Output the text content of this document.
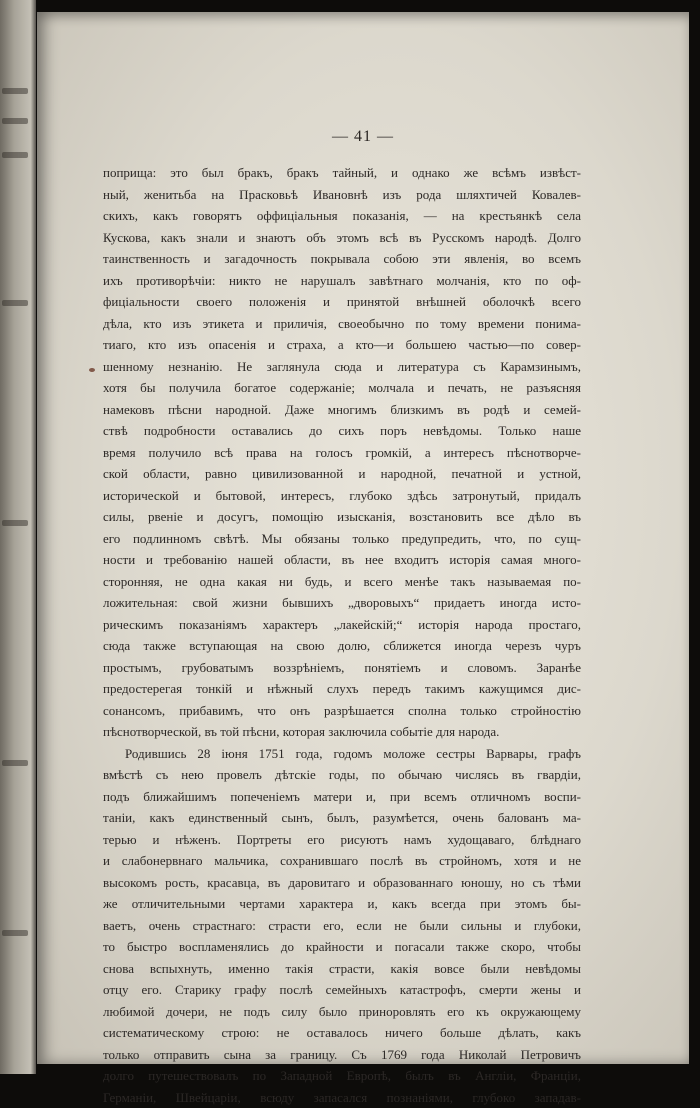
— 41 —
поприща: это был бракъ, бракъ тайный, и однако же всѣмъ извѣст-
ный, женитьба на Прасковьѣ Ивановнѣ изъ рода шляхтичей Ковалев-
скихъ, какъ говорятъ оффиціальныя показанія, — на крестьянкѣ села
Кускова, какъ знали и знаютъ объ этомъ всѣ въ Русскомъ народѣ. Долго
таинственность и загадочность покрывала собою эти явленія, во всемъ
ихъ противорѣчіи: никто не нарушалъ завѣтнаго молчанія, кто по оф-
фиціальности своего положенія и принятой внѣшней оболочкѣ всего
дѣла, кто изъ этикета и приличія, своеобычно по тому времени понима-
тиаго, кто изъ опасенія и страха, а кто—и большею частью—по совер-
шенному незнанію. Не заглянула сюда и литература съ Карамзинымъ,
хотя бы получила богатое содержаніе; молчала и печать, не разъясняя
намековъ пѣсни народной. Даже многимъ близкимъ въ родѣ и семей-
ствѣ подробности оставались до сихъ поръ невѣдомы. Только наше
время получило всѣ права на голосъ громкій, а интересъ пѣснотворче-
ской области, равно цивилизованной и народной, печатной и устной,
исторической и бытовой, интересъ, глубоко здѣсь затронутый, придалъ
силы, рвеніе и досугъ, помощію изысканія, возстановить все дѣло въ
его подлинномъ свѣтѣ. Мы обязаны только предупредить, что, по сущ-
ности и требованію нашей области, въ нее входитъ исторія самая много-
сторонняя, не одна какая ни будь, и всего менѣе такъ называемая по-
ложительная: свой жизни бывшихъ „дворовыхъ“ придаетъ иногда истo-
рическимъ показаніямъ характеръ „лакейскій;“ исторія народа простаго,
сюда также вступающая на свою долю, сближется иногда черезъ чуръ
простымъ, грубоватымъ воззрѣніемъ, понятіемъ и словомъ. Заранѣе
предостерегая тонкій и нѣжный слухъ передъ такимъ кажущимся дис-
сонансомъ, прибавимъ, что онъ разрѣшается сполна только стройностію
пѣснотворческой, въ той пѣсни, которая заключила событіе для народа.
Родившись 28 іюня 1751 года, годомъ моложе сестры Варвары, графъ
вмѣстѣ съ нею провелъ дѣтскіе годы, по обычаю числясь въ гвардіи,
подъ ближайшимъ попеченіемъ матери и, при всемъ отличномъ воспи-
таніи, какъ единственный сынъ, былъ, разумѣется, очень балованъ ма-
терью и нѣженъ. Портреты его рисуютъ намъ худощаваго, блѣднаго
и слабонервнаго мальчика, сохранившаго послѣ въ стройномъ, хотя и не
высокомъ рость, красавца, въ даровитаго и образованнаго юношу, но съ тѣми
же отличительными чертами характера и, какъ всегда при этомъ бы-
ваетъ, очень страстнаго: страсти его, если не были сильны и глубоки,
то быстро воспламенялись до крайности и погасали также скоро, чтобы
снова вспыхнуть, именно такія страсти, какія вовсе были невѣдомы
отцу его. Старику графу послѣ семейныхъ катастрофъ, смерти жены и
любимой дочери, не подъ силу было приноровлять его къ окружающему
систематическому строю: не оставалось ничего больше дѣлать, какъ
только отправить сына за границу. Съ 1769 года Николай Петровичъ
долго путешествовалъ по Западной Европѣ, былъ въ Англіи, Франціи,
Германіи, Швейцаріи, всюду запасался познаніями, глубоко западав-
